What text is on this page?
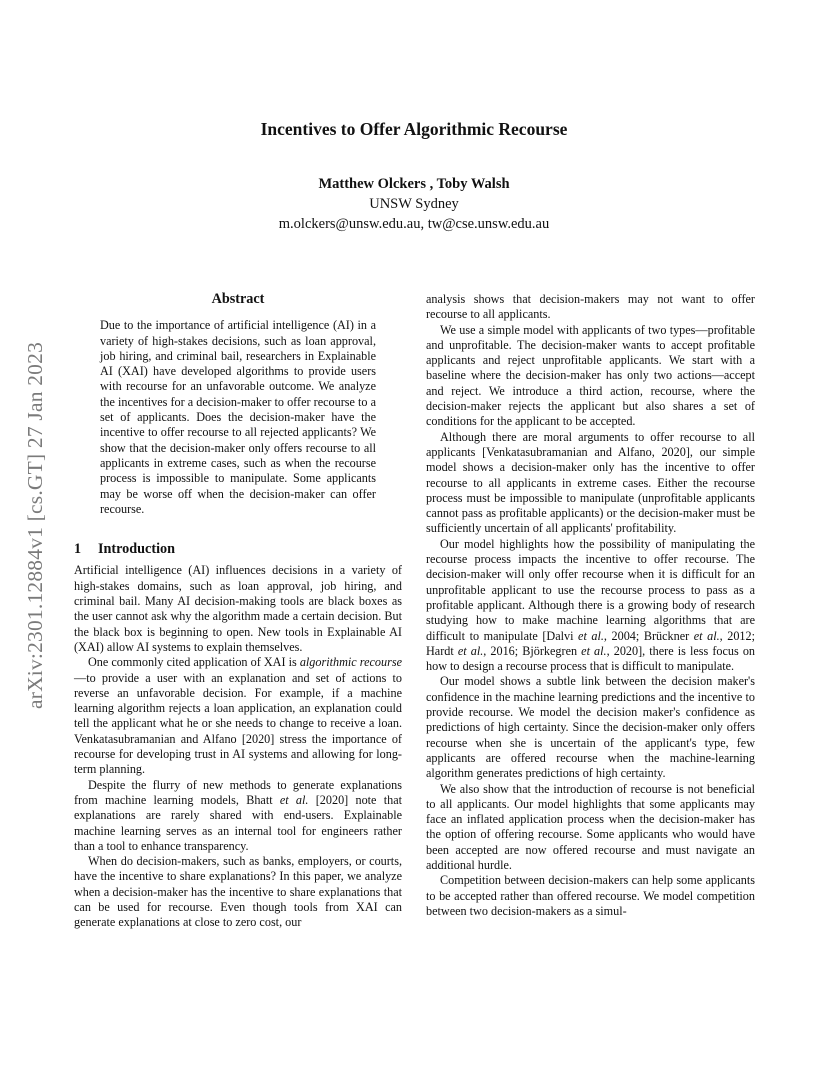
arXiv:2301.12884v1 [cs.GT] 27 Jan 2023
Incentives to Offer Algorithmic Recourse
Matthew Olckers , Toby Walsh
UNSW Sydney
m.olckers@unsw.edu.au, tw@cse.unsw.edu.au
Abstract

Due to the importance of artificial intelligence (AI) in a variety of high-stakes decisions, such as loan approval, job hiring, and criminal bail, researchers in Explainable AI (XAI) have developed algorithms to provide users with recourse for an unfavorable outcome. We analyze the incentives for a decision-maker to offer recourse to a set of applicants. Does the decision-maker have the incentive to offer recourse to all rejected applicants? We show that the decision-maker only offers recourse to all applicants in extreme cases, such as when the recourse process is impossible to manipulate. Some applicants may be worse off when the decision-maker can offer recourse.

1 Introduction

Artificial intelligence (AI) influences decisions in a variety of high-stakes domains, such as loan approval, job hiring, and criminal bail. Many AI decision-making tools are black boxes as the user cannot ask why the algorithm made a certain decision. But the black box is beginning to open. New tools in Explainable AI (XAI) allow AI systems to explain themselves.

One commonly cited application of XAI is algorithmic recourse—to provide a user with an explanation and set of actions to reverse an unfavorable decision. For example, if a machine learning algorithm rejects a loan application, an explanation could tell the applicant what he or she needs to change to receive a loan. Venkatasubramanian and Alfano [2020] stress the importance of recourse for developing trust in AI systems and allowing for long-term planning.

Despite the flurry of new methods to generate explanations from machine learning models, Bhatt et al. [2020] note that explanations are rarely shared with end-users. Explainable machine learning serves as an internal tool for engineers rather than a tool to enhance transparency.

When do decision-makers, such as banks, employers, or courts, have the incentive to share explanations? In this paper, we analyze when a decision-maker has the incentive to share explanations that can be used for recourse. Even though tools from XAI can generate explanations at close to zero cost, our

analysis shows that decision-makers may not want to offer recourse to all applicants.

We use a simple model with applicants of two types—profitable and unprofitable. The decision-maker wants to accept profitable applicants and reject unprofitable applicants. We start with a baseline where the decision-maker has only two actions—accept and reject. We introduce a third action, recourse, where the decision-maker rejects the applicant but also shares a set of conditions for the applicant to be accepted.

Although there are moral arguments to offer recourse to all applicants [Venkatasubramanian and Alfano, 2020], our simple model shows a decision-maker only has the incentive to offer recourse to all applicants in extreme cases. Either the recourse process must be impossible to manipulate (unprofitable applicants cannot pass as profitable applicants) or the decision-maker must be sufficiently uncertain of all applicants' profitability.

Our model highlights how the possibility of manipulating the recourse process impacts the incentive to offer recourse. The decision-maker will only offer recourse when it is difficult for an unprofitable applicant to use the recourse process to pass as a profitable applicant. Although there is a growing body of research studying how to make machine learning algorithms that are difficult to manipulate [Dalvi et al., 2004; Brückner et al., 2012; Hardt et al., 2016; Björkegren et al., 2020], there is less focus on how to design a recourse process that is difficult to manipulate.

Our model shows a subtle link between the decision maker's confidence in the machine learning predictions and the incentive to provide recourse. We model the decision maker's confidence as predictions of high certainty. Since the decision-maker only offers recourse when she is uncertain of the applicant's type, few applicants are offered recourse when the machine-learning algorithm generates predictions of high certainty.

We also show that the introduction of recourse is not beneficial to all applicants. Our model highlights that some applicants may face an inflated application process when the decision-maker has the option of offering recourse. Some applicants who would have been accepted are now offered recourse and must navigate an additional hurdle.

Competition between decision-makers can help some applicants to be accepted rather than offered recourse. We model competition between two decision-makers as a simul-
